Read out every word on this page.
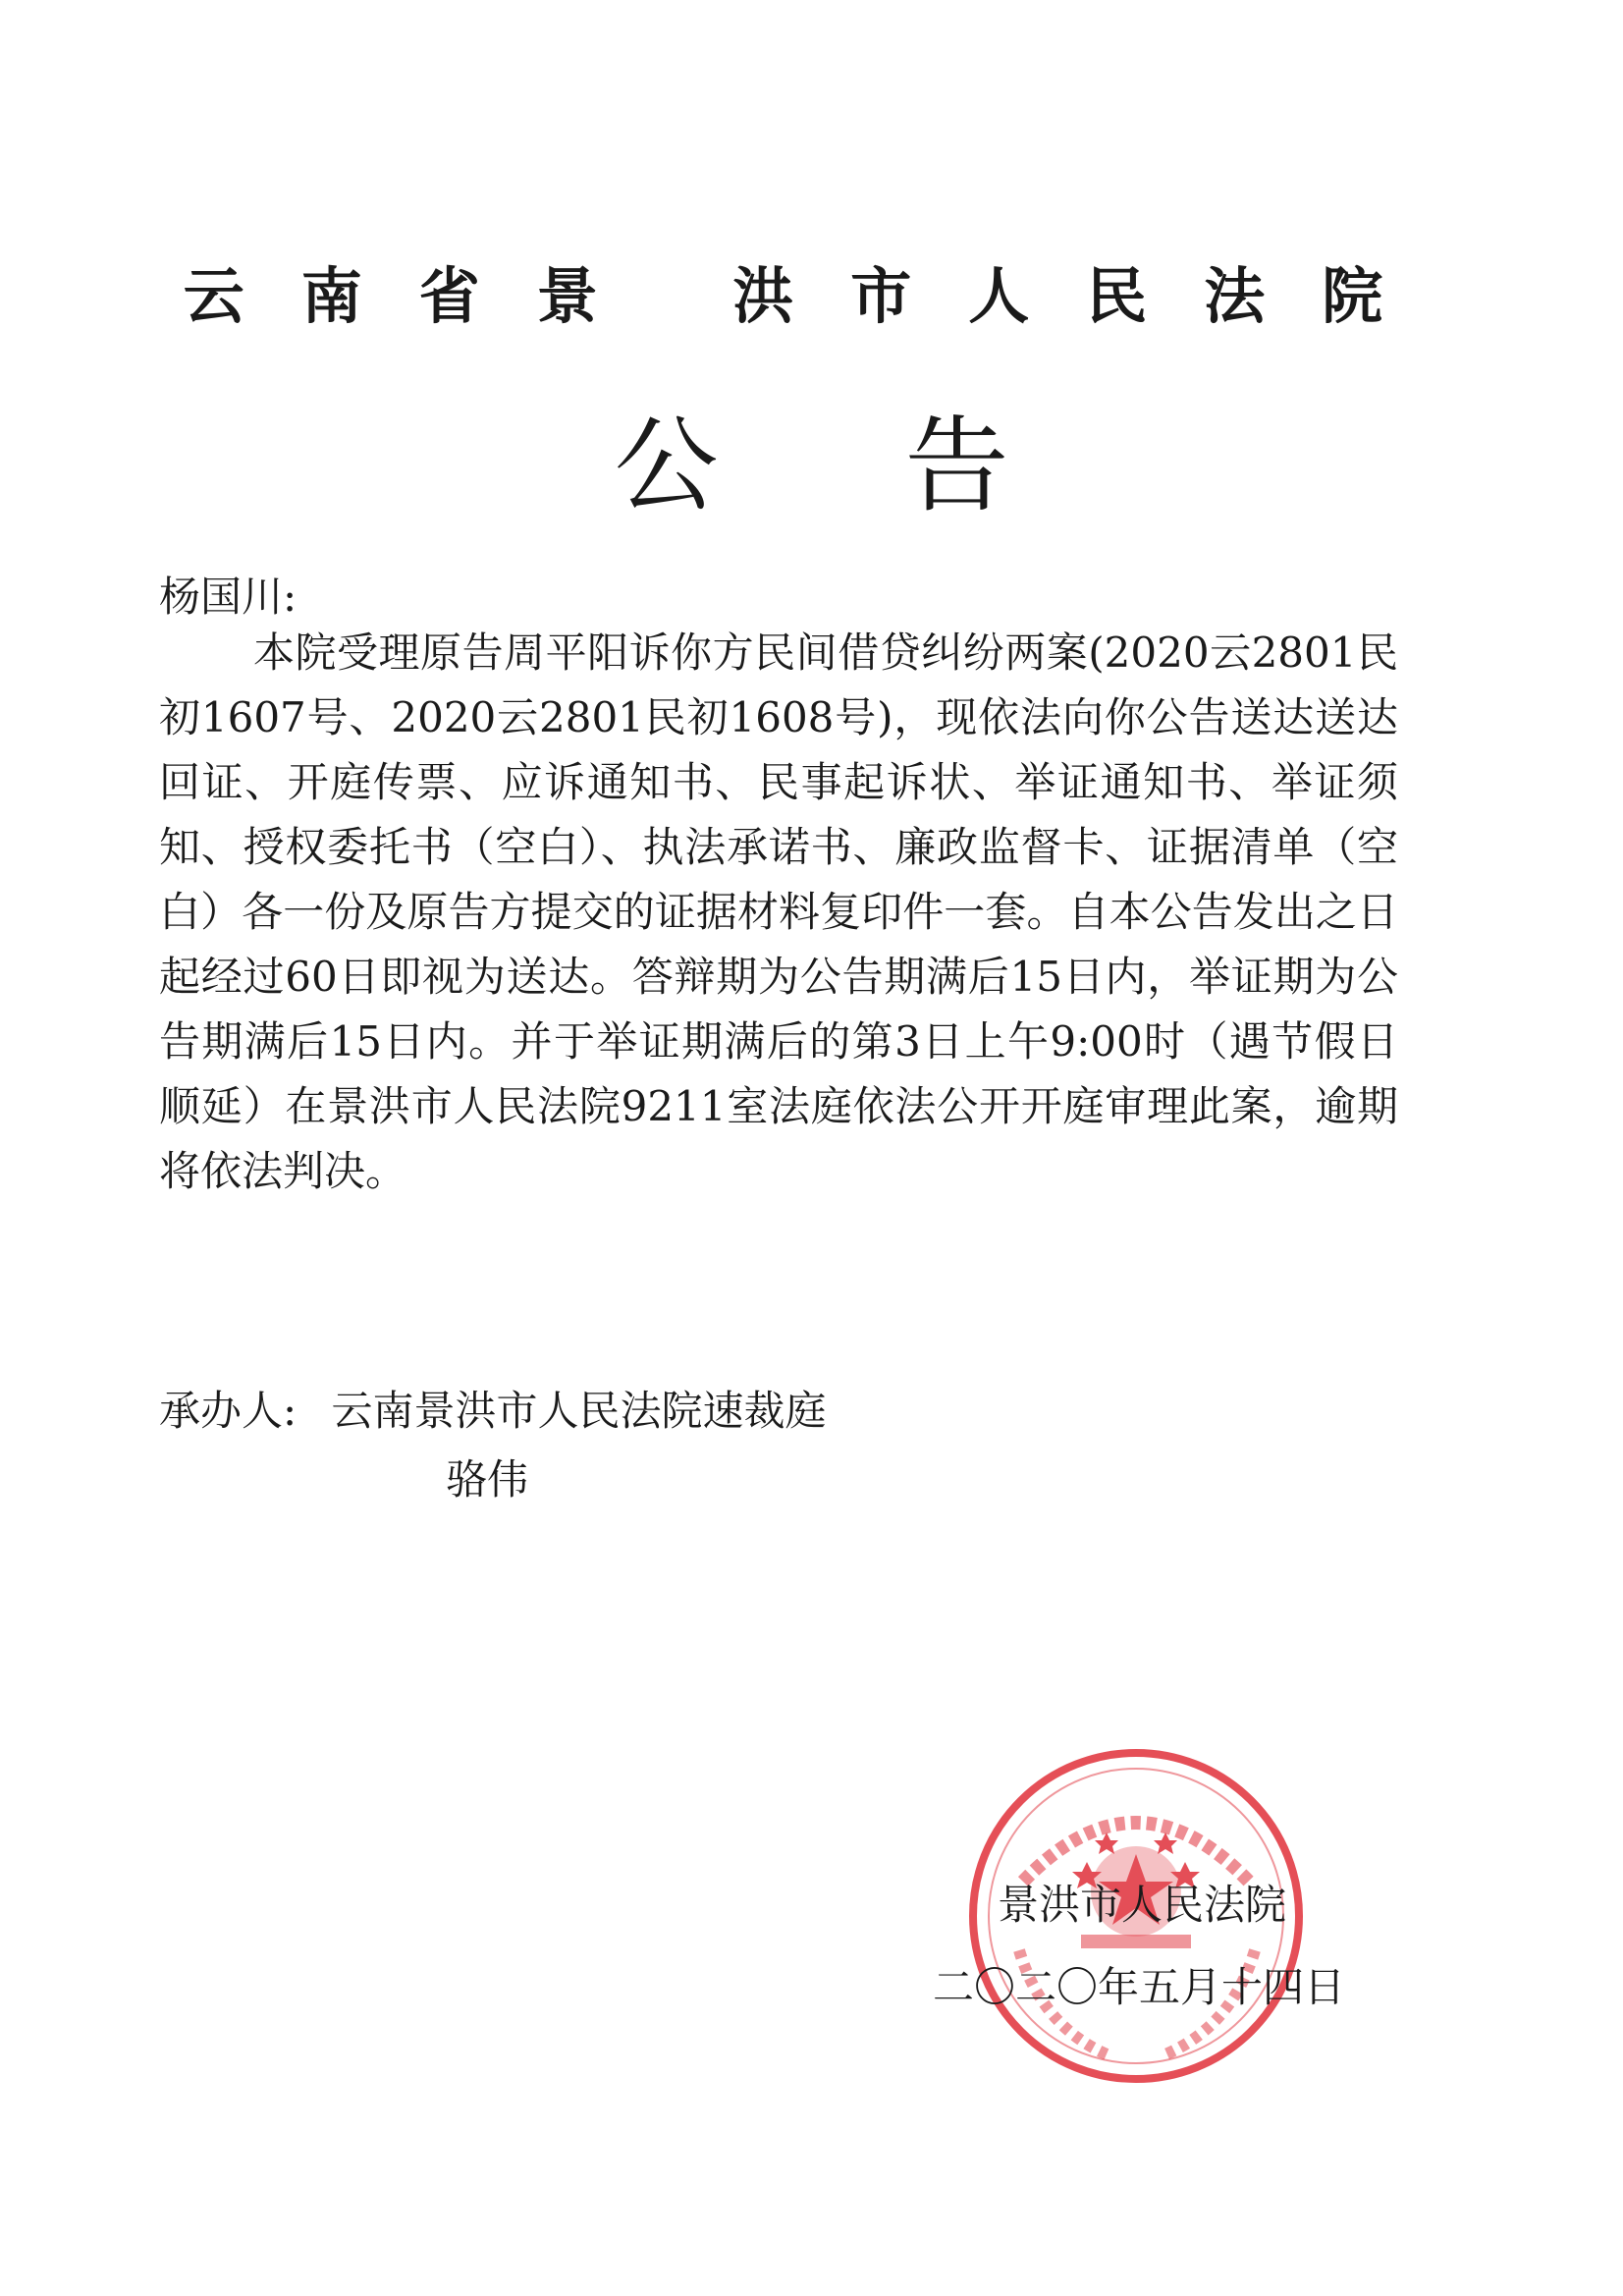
云南省景 洪市人民法院
公告
杨国川:

本院受理原告周平阳诉你方民间借贷纠纷两案(2020云2801民初1607号、2020云2801民初1608号)，现依法向你公告送达送达回证、开庭传票、应诉通知书、民事起诉状、举证通知书、举证须知、授权委托书（空白）、执法承诺书、廉政监督卡、证据清单（空白）各一份及原告方提交的证据材料复印件一套。自本公告发出之日起经过60日即视为送达。答辩期为公告期满后15日内，举证期为公告期满后15日内。并于举证期满后的第3日上午9:00时（遇节假日顺延）在景洪市人民法院9211室法庭依法公开开庭审理此案，逾期将依法判决。

承办人: 云南景洪市人民法院速裁庭
骆伟
景洪市人民法院
二〇二〇年五月十四日
